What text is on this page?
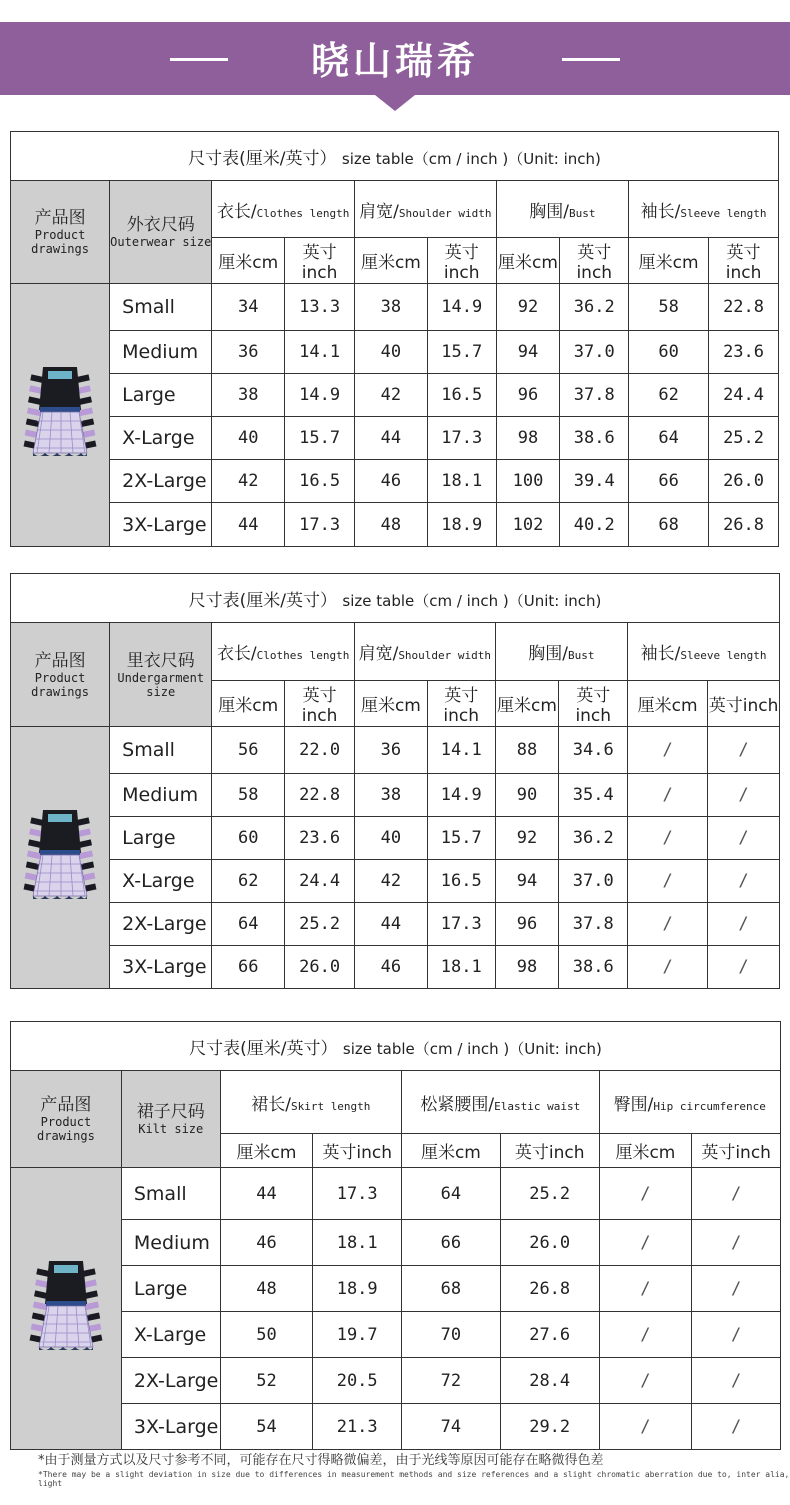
晓山瑞希
尺寸表(厘米/英寸） size table（cm / inch )（Unit: inch)									

产品图
Product drawings	外衣尺码
Outerwear size	衣长/Clothes length		肩宽/Shoulder width		胸围/Bust		袖长/Sleeve length	
		厘米cm	英寸inch	厘米cm	英寸inch	厘米cm	英寸inch	厘米cm	英寸inch
	Small	34	13.3	38	14.9	92	36.2	58	22.8
	Medium	36	14.1	40	15.7	94	37.0	60	23.6
	Large	38	14.9	42	16.5	96	37.8	62	24.4
	X-Large	40	15.7	44	17.3	98	38.6	64	25.2
	2X-Large	42	16.5	46	18.1	100	39.4	66	26.0
	3X-Large	44	17.3	48	18.9	102	40.2	68	26.8
尺寸表(厘米/英寸） size table（cm / inch )（Unit: inch)									

产品图
Product drawings	里衣尺码
Undergarment size	衣长/Clothes length		肩宽/Shoulder width		胸围/Bust		袖长/Sleeve length	
		厘米cm	英寸inch	厘米cm	英寸inch	厘米cm	英寸inch	厘米cm	英寸inch
	Small	56	22.0	36	14.1	88	34.6	/	/
	Medium	58	22.8	38	14.9	90	35.4	/	/
	Large	60	23.6	40	15.7	92	36.2	/	/
	X-Large	62	24.4	42	16.5	94	37.0	/	/
	2X-Large	64	25.2	44	17.3	96	37.8	/	/
	3X-Large	66	26.0	46	18.1	98	38.6	/	/
尺寸表(厘米/英寸） size table（cm / inch )（Unit: inch)							

产品图
Product drawings	裙子尺码
Kilt size	裙长/Skirt length		松紧腰围/Elastic waist		臀围/Hip circumference	
		厘米cm	英寸inch	厘米cm	英寸inch	厘米cm	英寸inch
	Small	44	17.3	64	25.2	/	/
	Medium	46	18.1	66	26.0	/	/
	Large	48	18.9	68	26.8	/	/
	X-Large	50	19.7	70	27.6	/	/
	2X-Large	52	20.5	72	28.4	/	/
	3X-Large	54	21.3	74	29.2	/	/
*由于测量方式以及尺寸参考不同，可能存在尺寸得略微偏差，由于光线等原因可能存在略微得色差
*There may be a slight deviation in size due to differences in measurement methods and size references and a slight chromatic aberration due to, inter alia, light
